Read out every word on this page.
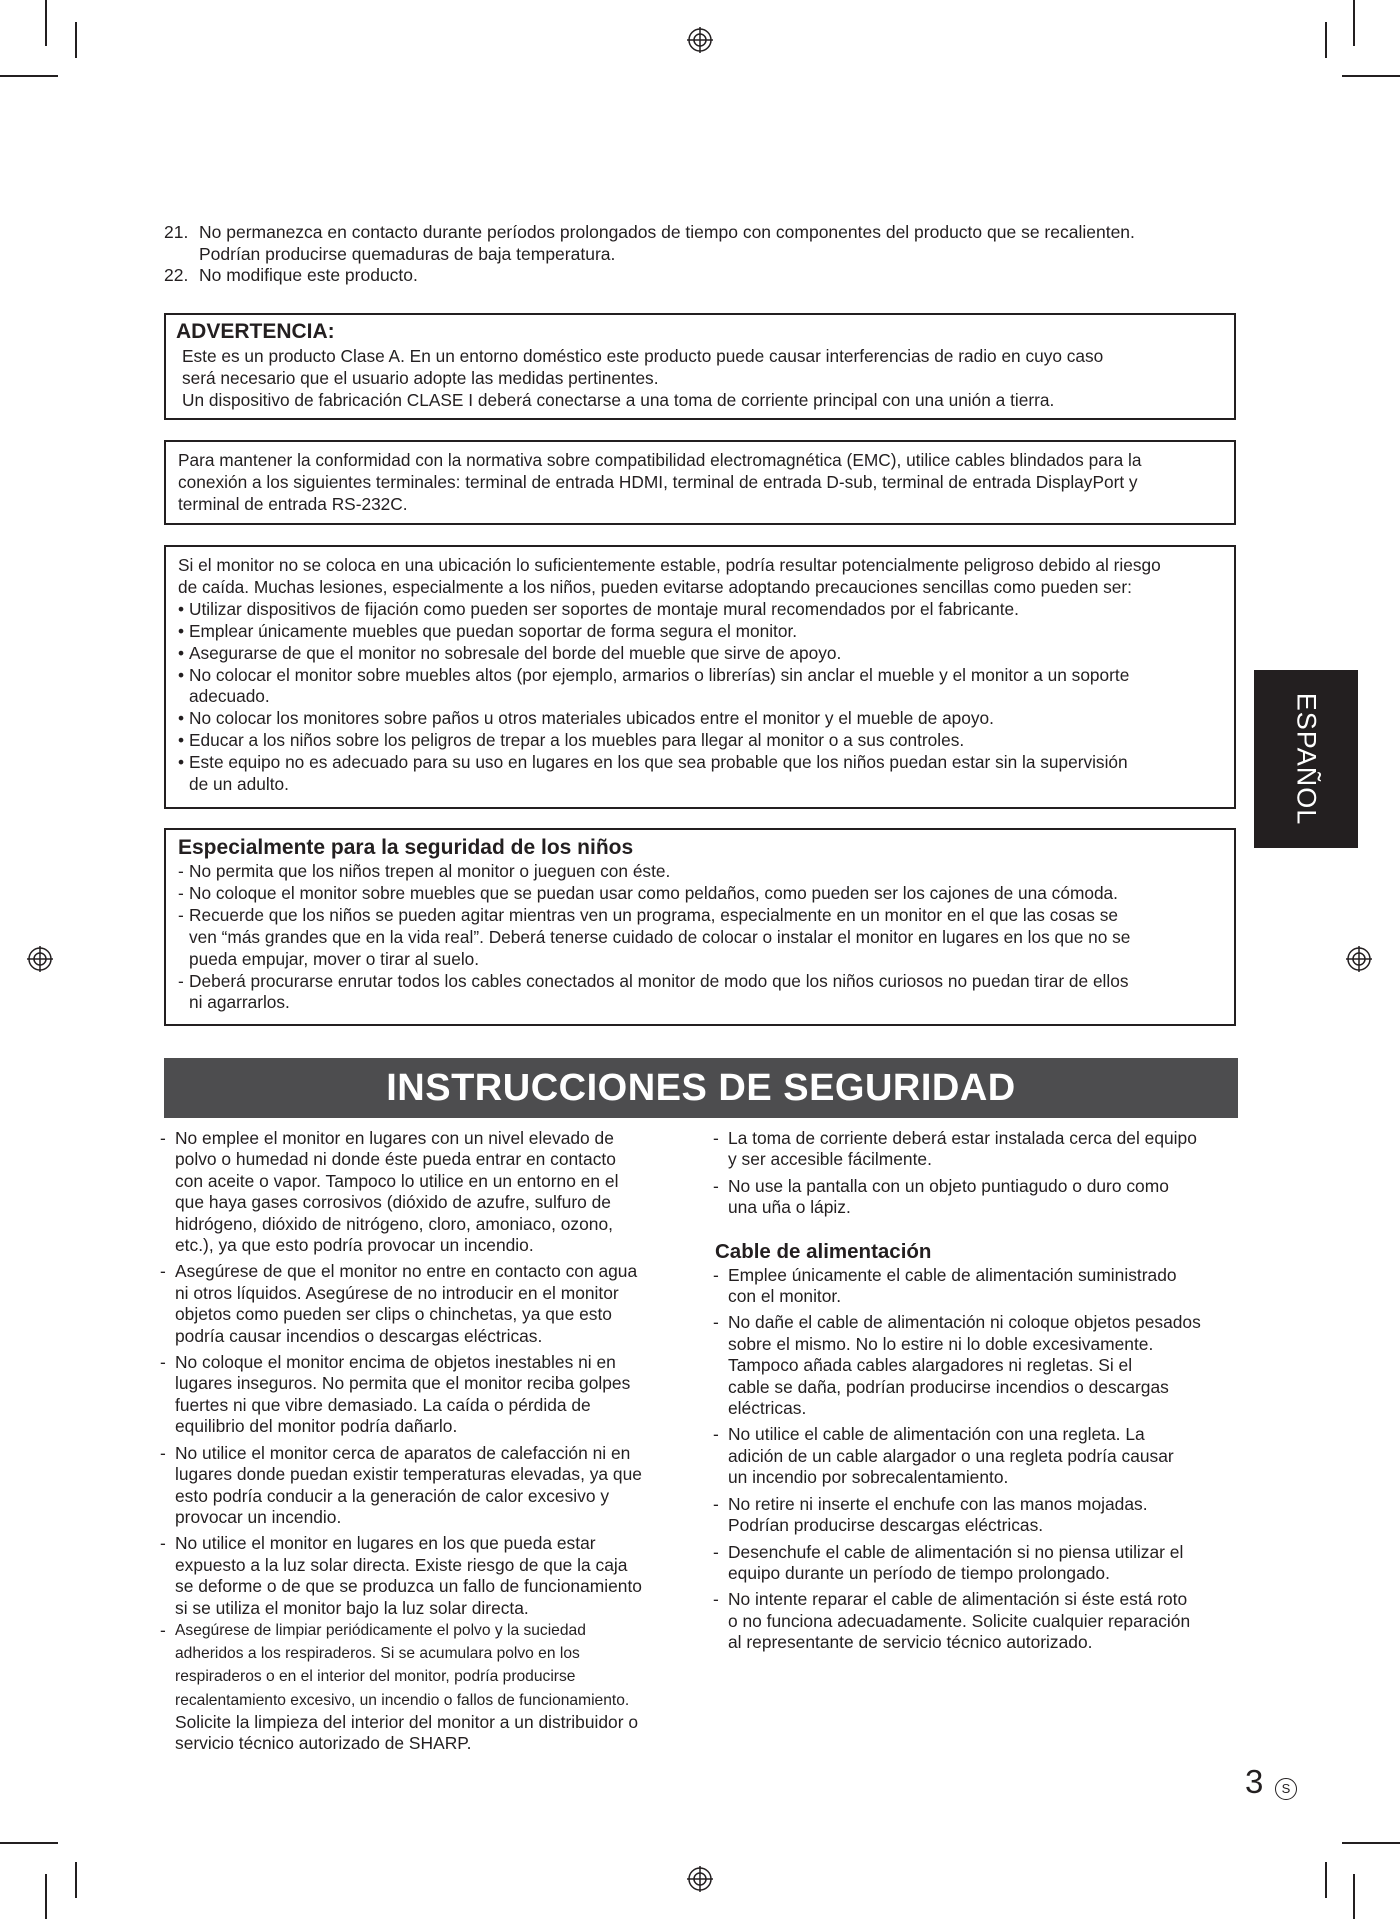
21. No permanezca en contacto durante períodos prolongados de tiempo con componentes del producto que se recalienten.
Podrían producirse quemaduras de baja temperatura.
22. No modifique este producto.
ADVERTENCIA:

Este es un producto Clase A. En un entorno doméstico este producto puede causar interferencias de radio en cuyo caso

será necesario que el usuario adopte las medidas pertinentes.

Un dispositivo de fabricación CLASE I deberá conectarse a una toma de corriente principal con una unión a tierra.

Para mantener la conformidad con la normativa sobre compatibilidad electromagnética (EMC), utilice cables blindados para la

conexión a los siguientes terminales: terminal de entrada HDMI, terminal de entrada D-sub, terminal de entrada DisplayPort y

terminal de entrada RS-232C.

Si el monitor no se coloca en una ubicación lo suficientemente estable, podría resultar potencialmente peligroso debido al riesgo

de caída. Muchas lesiones, especialmente a los niños, pueden evitarse adoptando precauciones sencillas como pueden ser:

• Utilizar dispositivos de fijación como pueden ser soportes de montaje mural recomendados por el fabricante.
• Emplear únicamente muebles que puedan soportar de forma segura el monitor.
• Asegurarse de que el monitor no sobresale del borde del mueble que sirve de apoyo.
• No colocar el monitor sobre muebles altos (por ejemplo, armarios o librerías) sin anclar el mueble y el monitor a un soporte
adecuado.
• No colocar los monitores sobre paños u otros materiales ubicados entre el monitor y el mueble de apoyo.
• Educar a los niños sobre los peligros de trepar a los muebles para llegar al monitor o a sus controles.
• Este equipo no es adecuado para su uso en lugares en los que sea probable que los niños puedan estar sin la supervisión
de un adulto.
Especialmente para la seguridad de los niños
- No permita que los niños trepen al monitor o jueguen con éste.
- No coloque el monitor sobre muebles que se puedan usar como peldaños, como pueden ser los cajones de una cómoda.
- Recuerde que los niños se pueden agitar mientras ven un programa, especialmente en un monitor en el que las cosas se
ven “más grandes que en la vida real”. Deberá tenerse cuidado de colocar o instalar el monitor en lugares en los que no se
pueda empujar, mover o tirar al suelo.
- Deberá procurarse enrutar todos los cables conectados al monitor de modo que los niños curiosos no puedan tirar de ellos
ni agarrarlos.
INSTRUCCIONES DE SEGURIDAD
- No emplee el monitor en lugares con un nivel elevado de
polvo o humedad ni donde éste pueda entrar en contacto
con aceite o vapor. Tampoco lo utilice en un entorno en el
que haya gases corrosivos (dióxido de azufre, sulfuro de
hidrógeno, dióxido de nitrógeno, cloro, amoniaco, ozono,
etc.), ya que esto podría provocar un incendio.
- Asegúrese de que el monitor no entre en contacto con agua
ni otros líquidos. Asegúrese de no introducir en el monitor
objetos como pueden ser clips o chinchetas, ya que esto
podría causar incendios o descargas eléctricas.
- No coloque el monitor encima de objetos inestables ni en
lugares inseguros. No permita que el monitor reciba golpes
fuertes ni que vibre demasiado. La caída o pérdida de
equilibrio del monitor podría dañarlo.
- No utilice el monitor cerca de aparatos de calefacción ni en
lugares donde puedan existir temperaturas elevadas, ya que
esto podría conducir a la generación de calor excesivo y
provocar un incendio.
- No utilice el monitor en lugares en los que pueda estar
expuesto a la luz solar directa. Existe riesgo de que la caja
se deforme o de que se produzca un fallo de funcionamiento
si se utiliza el monitor bajo la luz solar directa.
- Asegúrese de limpiar periódicamente el polvo y la suciedad
adheridos a los respiraderos. Si se acumulara polvo en los
respiraderos o en el interior del monitor, podría producirse
recalentamiento excesivo, un incendio o fallos de funcionamiento.
Solicite la limpieza del interior del monitor a un distribuidor o
servicio técnico autorizado de SHARP.
- La toma de corriente deberá estar instalada cerca del equipo
y ser accesible fácilmente.
- No use la pantalla con un objeto puntiagudo o duro como
una uña o lápiz.
Cable de alimentación
- Emplee únicamente el cable de alimentación suministrado
con el monitor.
- No dañe el cable de alimentación ni coloque objetos pesados
sobre el mismo. No lo estire ni lo doble excesivamente.
Tampoco añada cables alargadores ni regletas. Si el
cable se daña, podrían producirse incendios o descargas
eléctricas.
- No utilice el cable de alimentación con una regleta. La
adición de un cable alargador o una regleta podría causar
un incendio por sobrecalentamiento.
- No retire ni inserte el enchufe con las manos mojadas.
Podrían producirse descargas eléctricas.
- Desenchufe el cable de alimentación si no piensa utilizar el
equipo durante un período de tiempo prolongado.
- No intente reparar el cable de alimentación si éste está roto
o no funciona adecuadamente. Solicite cualquier reparación
al representante de servicio técnico autorizado.
ESPAÑOL
3	S
